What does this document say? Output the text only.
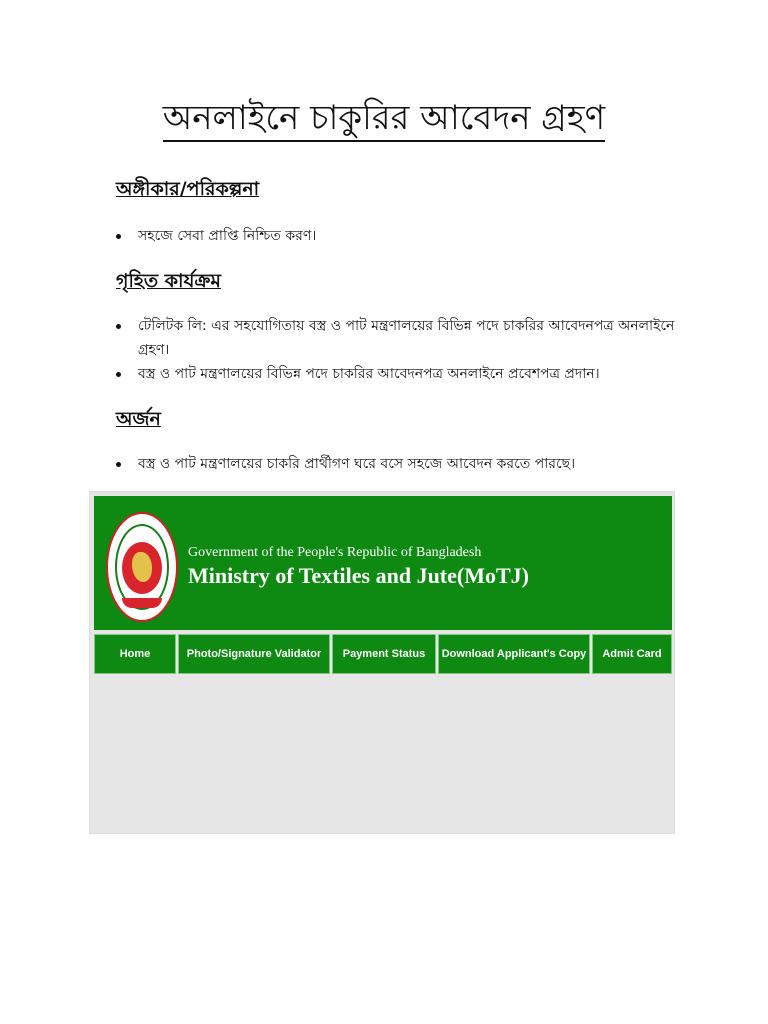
অনলাইনে চাকুরির আবেদন গ্রহণ
অঙ্গীকার/পরিকল্পনা
সহজে সেবা প্রাপ্তি নিশ্চিত করণ।
গৃহিত কার্যক্রম
টেলিটক লি: এর সহযোগিতায় বস্ত্র ও পাট মন্ত্রণালয়ের বিভিন্ন পদে চাকরির আবেদনপত্র অনলাইনে গ্রহণ।
বস্ত্র ও পাট মন্ত্রণালয়ের বিভিন্ন পদে চাকরির আবেদনপত্র অনলাইনে প্রবেশপত্র প্রদান।
অর্জন
বস্ত্র ও পাট মন্ত্রণালয়ের চাকরি প্রার্থীগণ ঘরে বসে সহজে আবেদন করতে পারছে।
Government of the People's Republic of Bangladesh
Ministry of Textiles and Jute(MoTJ)
Home	Photo/Signature Validator	Payment Status	Download Applicant's Copy	Admit Card
